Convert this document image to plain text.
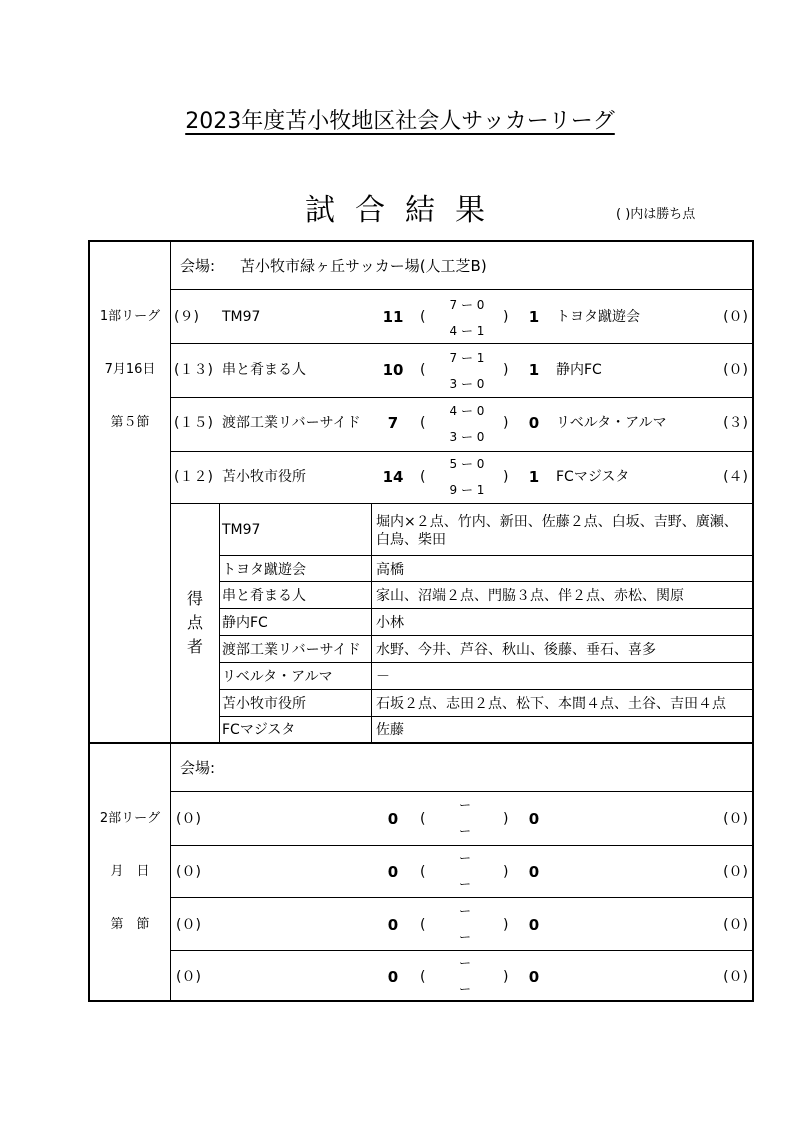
2023年度苫小牧地区社会人サッカーリーグ
試合結果	( )内は勝ち点
1部リーグ
7月16日
第５節
会場: 苫小牧市緑ヶ丘サッカー場(人工芝B)
(９) TM97	11	(
7 ー 0
4 ー 1
)	1	トヨタ蹴遊会	(０)
(１３) 串と肴まる人	10	(
7 ー 1
3 ー 0
)	1	静内FC	(０)
(１５) 渡部工業リバーサイド	7	(
4 ー 0
3 ー 0
)	0	リベルタ・アルマ	(３)
(１２) 苫小牧市役所	14	(
5 ー 0
9 ー 1
)	1	FCマジスタ	(４)
得
点
者
TM97	堀内×２点、竹内、新田、佐藤２点、白坂、吉野、廣瀬、
白鳥、柴田
トヨタ蹴遊会	高橋
串と肴まる人	家山、沼端２点、門脇３点、伴２点、赤松、関原
静内FC	小林
渡部工業リバーサイド 水野、今井、芦谷、秋山、後藤、垂石、喜多
リベルタ・アルマ	－
苫小牧市役所	石坂２点、志田２点、松下、本間４点、土谷、吉田４点
FCマジスタ	佐藤
2部リーグ
月　日
第　節
会場:
(０)	0	(
ー
ー
)	0	(０)
(０)	0	(
ー
ー
)	0	(０)
(０)	0	(
ー
ー
)	0	(０)
(０)	0	(
ー
ー
)	0	(０)
